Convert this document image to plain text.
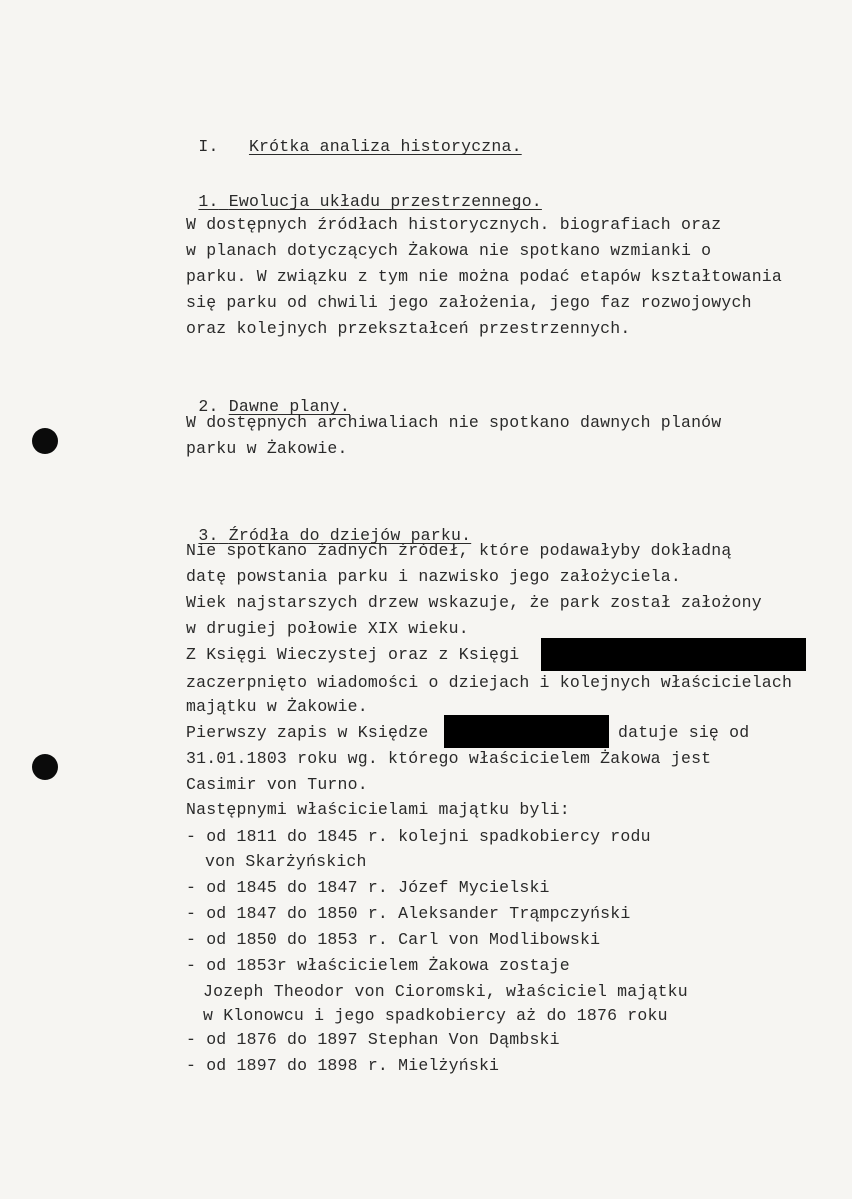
I. Krótka analiza historyczna.

1. Ewolucja układu przestrzennego.

W dostępnych źródłach historycznych. biografiach oraz
w planach dotyczących Żakowa nie spotkano wzmianki o
parku. W związku z tym nie można podać etapów kształtowania
się parku od chwili jego założenia, jego faz rozwojowych
oraz kolejnych przekształceń przestrzennych.

2. Dawne plany.

W dostępnych archiwaliach nie spotkano dawnych planów
parku w Żakowie.

3. Źródła do dziejów parku.

Nie spotkano żadnych źródeł, które podawałyby dokładną
datę powstania parku i nazwisko jego założyciela.
Wiek najstarszych drzew wskazuje, że park został założony
w drugiej połowie XIX wieku.
Z Księgi Wieczystej oraz z Księgi
zaczerpnięto wiadomości o dziejach i kolejnych właścicielach
majątku w Żakowie.
Pierwszy zapis w Księdze	datuje się od
31.01.1803 roku wg. którego właścicielem Żakowa jest
Casimir von Turno.
Następnymi właścicielami majątku byli:
- od 1811 do 1845 r. kolejni spadkobiercy rodu
von Skarżyńskich
- od 1845 do 1847 r. Józef Mycielski
- od 1847 do 1850 r. Aleksander Trąmpczyński
- od 1850 do 1853 r. Carl von Modlibowski
- od 1853r właścicielem Żakowa zostaje
Jozeph Theodor von Cioromski, właściciel majątku
w Klonowcu i jego spadkobiercy aż do 1876 roku
- od 1876 do 1897 Stephan Von Dąmbski
- od 1897 do 1898 r. Mielżyński
